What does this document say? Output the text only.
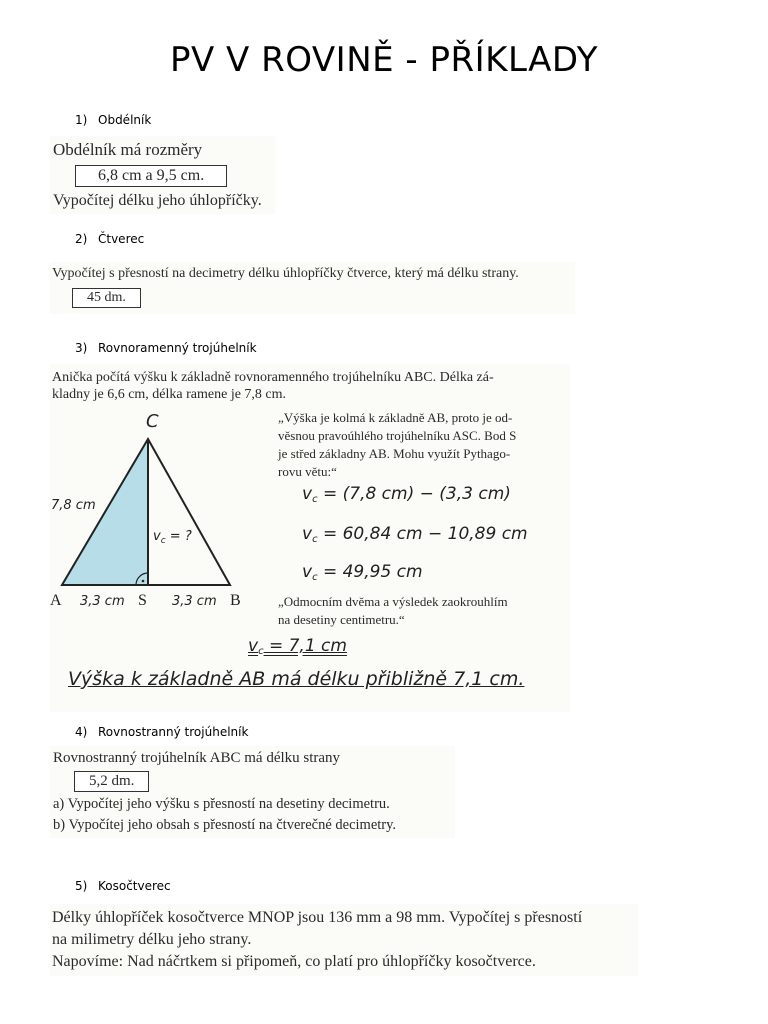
PV V ROVINĚ - PŘÍKLADY
1) Obdélník
Obdélník má rozměry
6,8 cm a 9,5 cm.
Vypočítej délku jeho úhlopříčky.
2) Čtverec
Vypočítej s přesností na decimetry délku úhlopříčky čtverce, který má délku strany.
45 dm.
3) Rovnoramenný trojúhelník
Anička počítá výšku k základně rovnoramenného trojúhelníku ABC. Délka zá-
kladny je 6,6 cm, délka ramene je 7,8 cm.
C
A	B
S
7,8 cm
$v_c$ = ?
3,3 cm	3,3 cm
„Výška je kolmá k základně AB, proto je od-
věsnou pravoúhlého trojúhelníku ASC. Bod S
je střed základny AB. Mohu využít Pythago-
rovu větu:“
$v_c = (7,8$ cm) − (3,3 cm)
$v_c = 60,84$ cm − 10,89 cm
$v_c = 49,95$ cm
„Odmocním dvěma a výsledek zaokrouhlím
na desetiny centimetru.“
$v_c = 7,1$ cm
Výška k základně AB má délku přibližně 7,1 cm.
4) Rovnostranný trojúhelník
Rovnostranný trojúhelník ABC má délku strany
5,2 dm.
a) Vypočítej jeho výšku s přesností na desetiny decimetru.
b) Vypočítej jeho obsah s přesností na čtverečné decimetry.
5) Kosočtverec
Délky úhlopříček kosočtverce MNOP jsou 136 mm a 98 mm. Vypočítej s přesností
na milimetry délku jeho strany.
Napovíme: Nad náčrtkem si připomeň, co platí pro úhlopříčky kosočtverce.
